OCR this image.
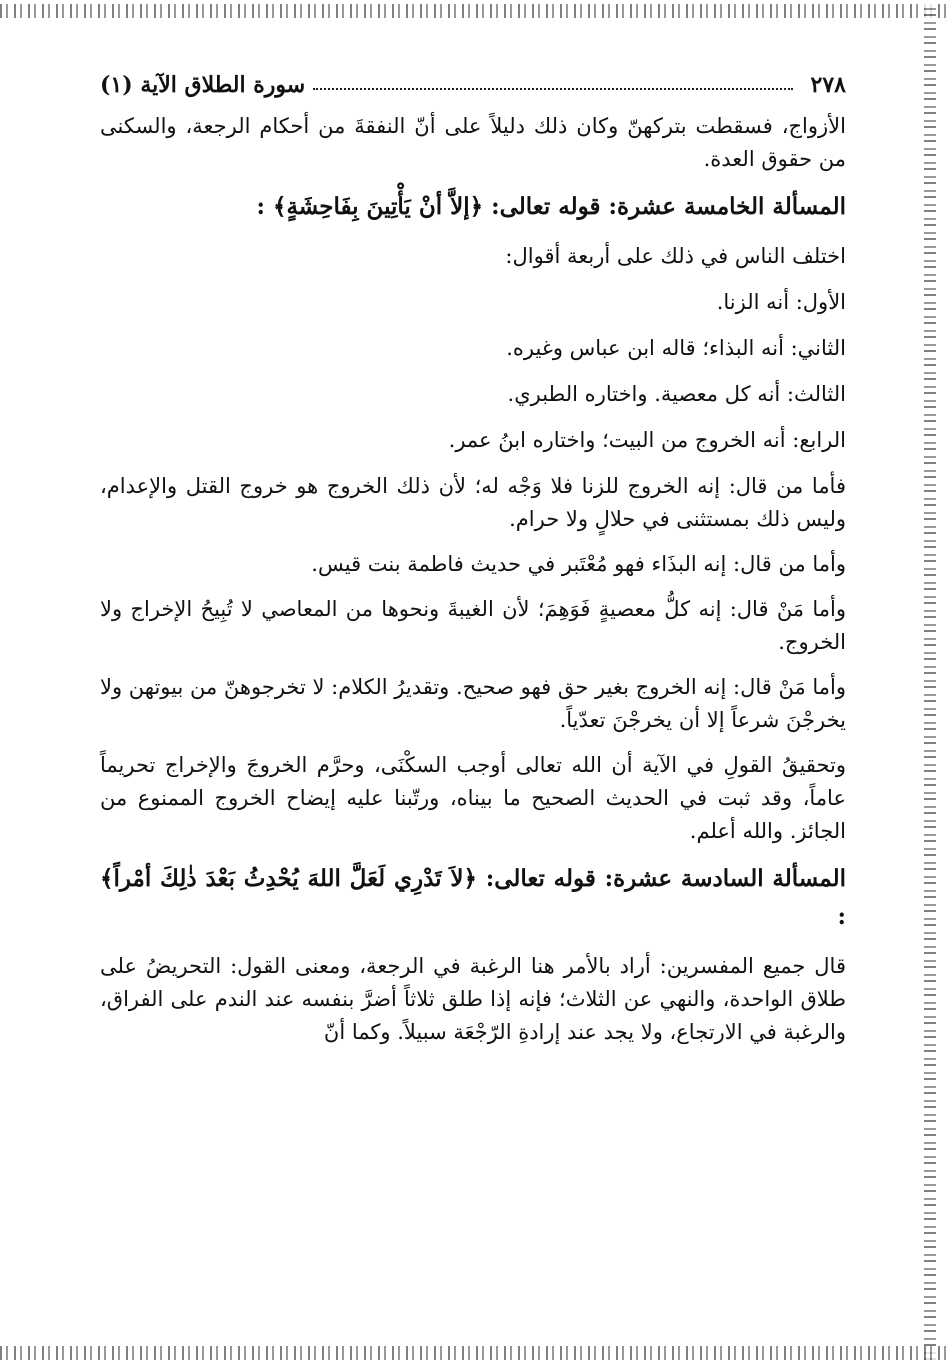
٢٧٨
سورة الطلاق الآية (١)

الأزواج، فسقطت بتركهنّ وكان ذلك دليلاً على أنّ النفقةَ من أحكام الرجعة، والسكنى من حقوق العدة.

المسألة الخامسة عشرة: قوله تعالى: ﴿إلاَّ أنْ يَأْتِينَ بِفَاحِشَةٍ﴾ :

اختلف الناس في ذلك على أربعة أقوال:

الأول: أنه الزنا.

الثاني: أنه البذاء؛ قاله ابن عباس وغيره.

الثالث: أنه كل معصية. واختاره الطبري.

الرابع: أنه الخروج من البيت؛ واختاره ابنُ عمر.

فأما من قال: إنه الخروج للزنا فلا وَجْه له؛ لأن ذلك الخروج هو خروج القتل والإعدام، وليس ذلك بمستثنى في حلالٍ ولا حرام.

وأما من قال: إنه البذَاء فهو مُعْتَبر في حديث فاطمة بنت قيس.

وأما مَنْ قال: إنه كلُّ معصيةٍ فَوَهِمَ؛ لأن الغيبةَ ونحوها من المعاصي لا تُبِيحُ الإخراج ولا الخروج.

وأما مَنْ قال: إنه الخروج بغير حق فهو صحيح. وتقديرُ الكلام: لا تخرجوهنّ من بيوتهن ولا يخرجْنَ شرعاً إلا أن يخرجْنَ تعدّياً.

وتحقيقُ القولِ في الآية أن الله تعالى أوجب السكْنَى، وحرَّم الخروجَ والإخراج تحريماً عاماً، وقد ثبت في الحديث الصحيح ما بيناه، ورتّبنا عليه إيضاح الخروج الممنوع من الجائز. والله أعلم.

المسألة السادسة عشرة: قوله تعالى: ﴿لاَ تَدْرِي لَعَلَّ اللهَ يُحْدِثُ بَعْدَ ذٰلِكَ أمْراً﴾ :

قال جميع المفسرين: أراد بالأمر هنا الرغبة في الرجعة، ومعنى القول: التحريضُ على طلاق الواحدة، والنهي عن الثلاث؛ فإنه إذا طلق ثلاثاً أضرَّ بنفسه عند الندم على الفراق، والرغبة في الارتجاع، ولا يجد عند إرادةِ الرّجْعَة سبيلاً. وكما أنّ
